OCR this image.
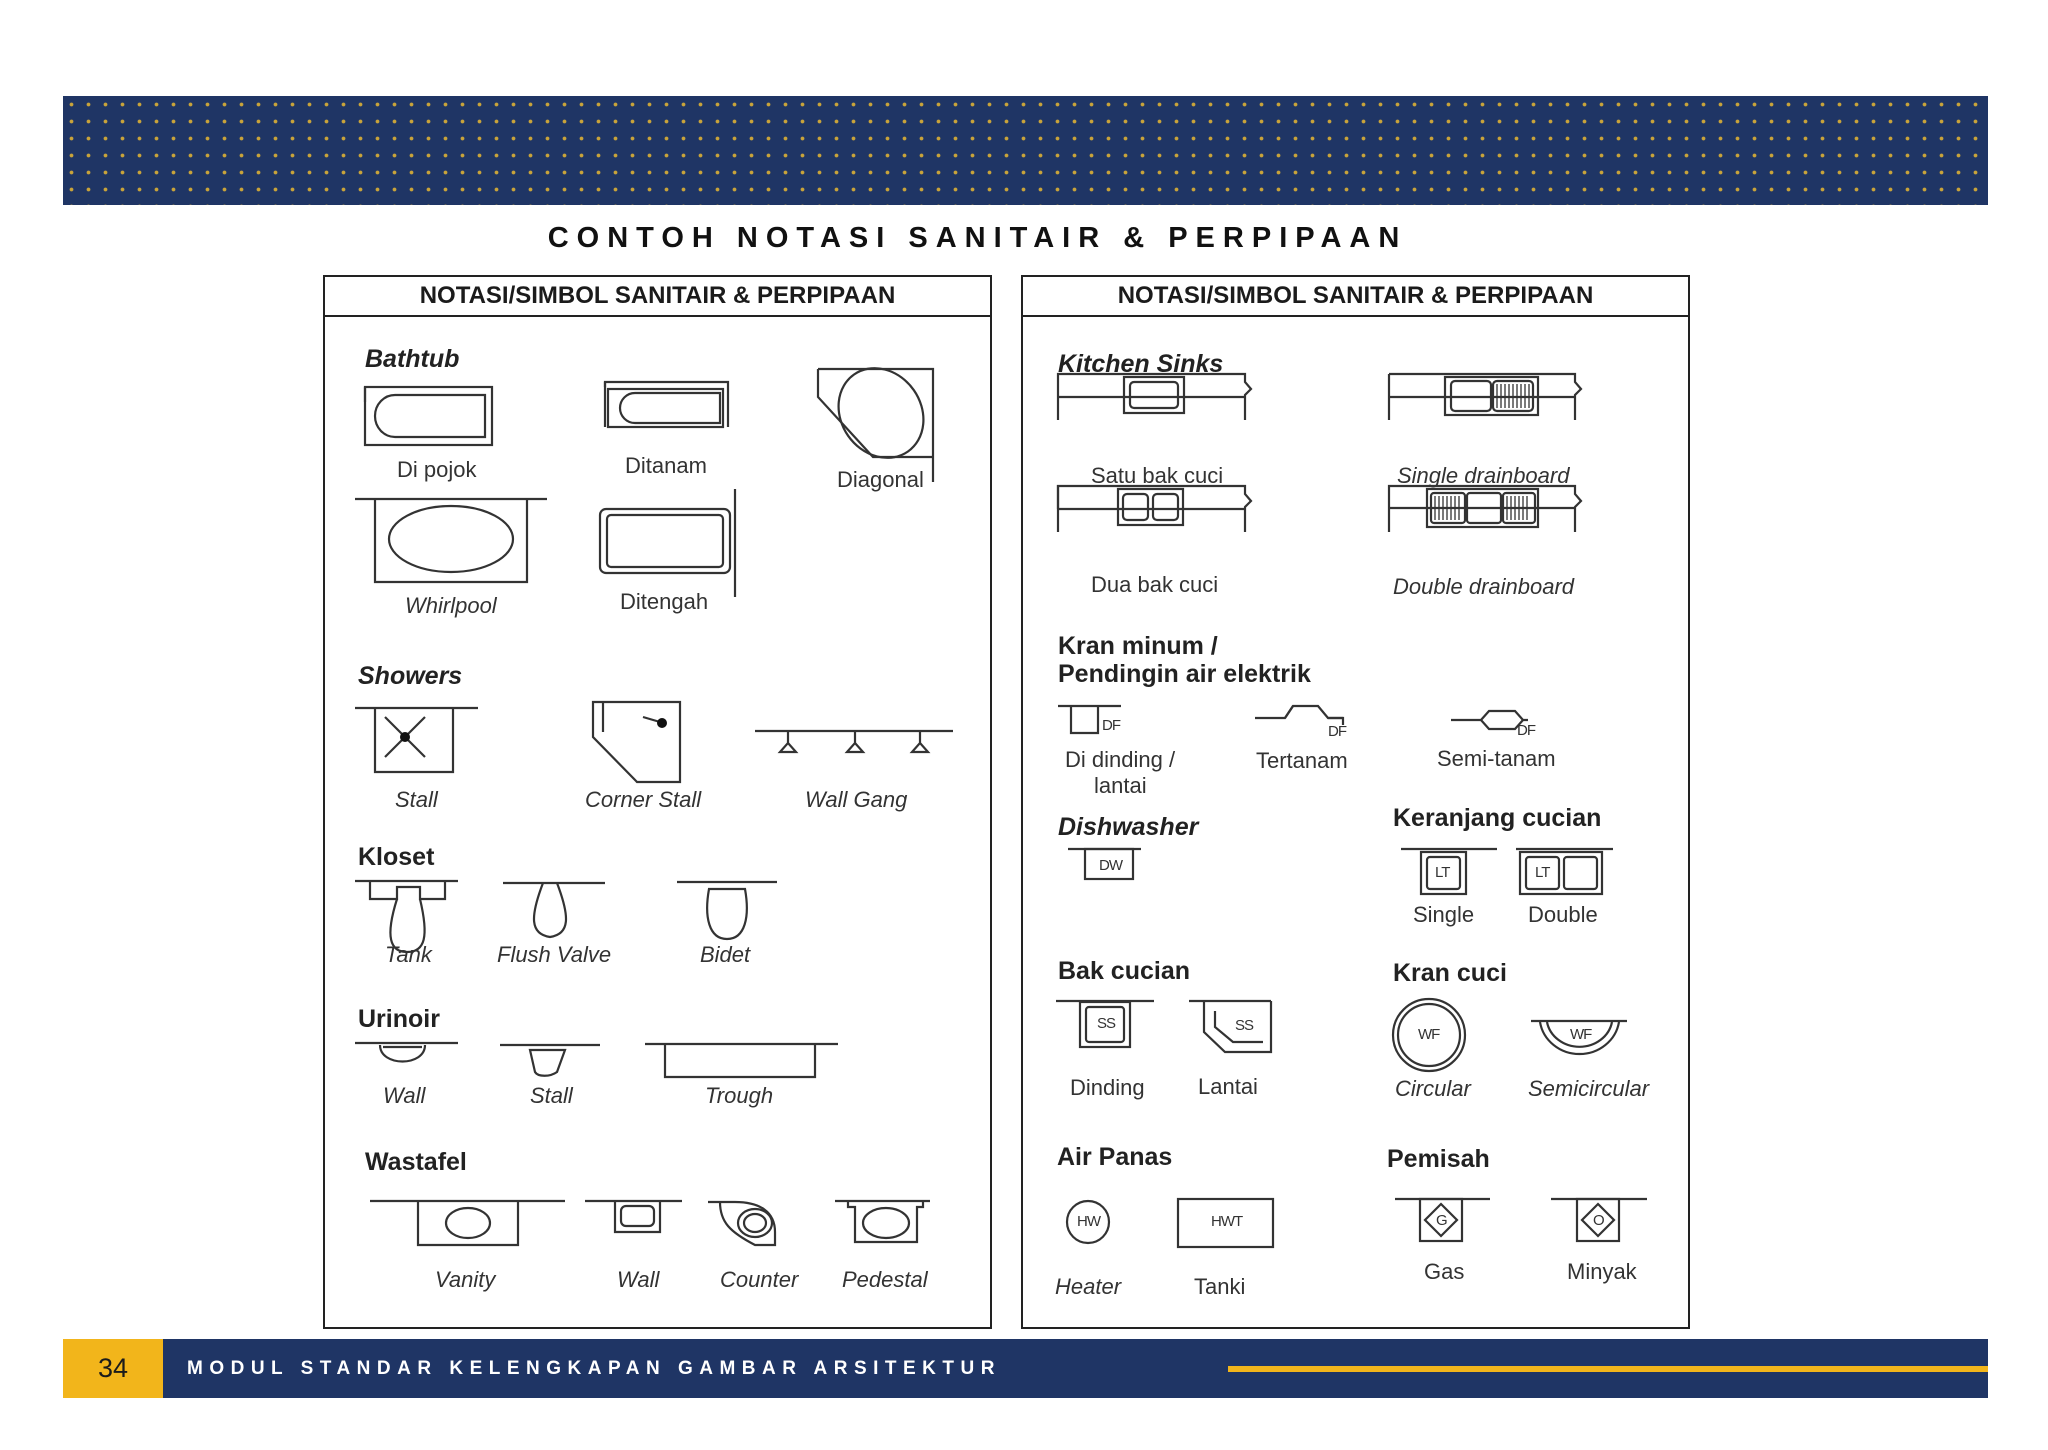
CONTOH NOTASI SANITAIR & PERPIPAAN
NOTASI/SIMBOL SANITAIR & PERPIPAAN
Bathtub
Di pojok	Ditanam
Diagonal
Whirlpool	Ditengah
Showers
Stall	Corner Stall	Wall Gang
Kloset
Tank	Flush Valve	Bidet
Urinoir
Wall	Stall	Trough
Wastafel
Vanity	Wall	Counter Pedestal
NOTASI/SIMBOL SANITAIR & PERPIPAAN
Kitchen Sinks
Satu bak cuci	Single drainboard
Dua bak cuci	Double drainboard
Kran minum /
Pendingin air elektrik
DF	DF	DF
Di dinding /
lantai
Tertanam	Semi-tanam
Dishwasher
DW
Keranjang cucian
LT	LT
Single Double
Bak cucian
SS	SS
Dinding Lantai
Kran cuci
WF	WF
Circular	Semicircular
Air Panas
HW	HWT
Heater	Tanki
Pemisah
G	O
Gas	Minyak
34	MODUL STANDAR KELENGKAPAN GAMBAR ARSITEKTUR
